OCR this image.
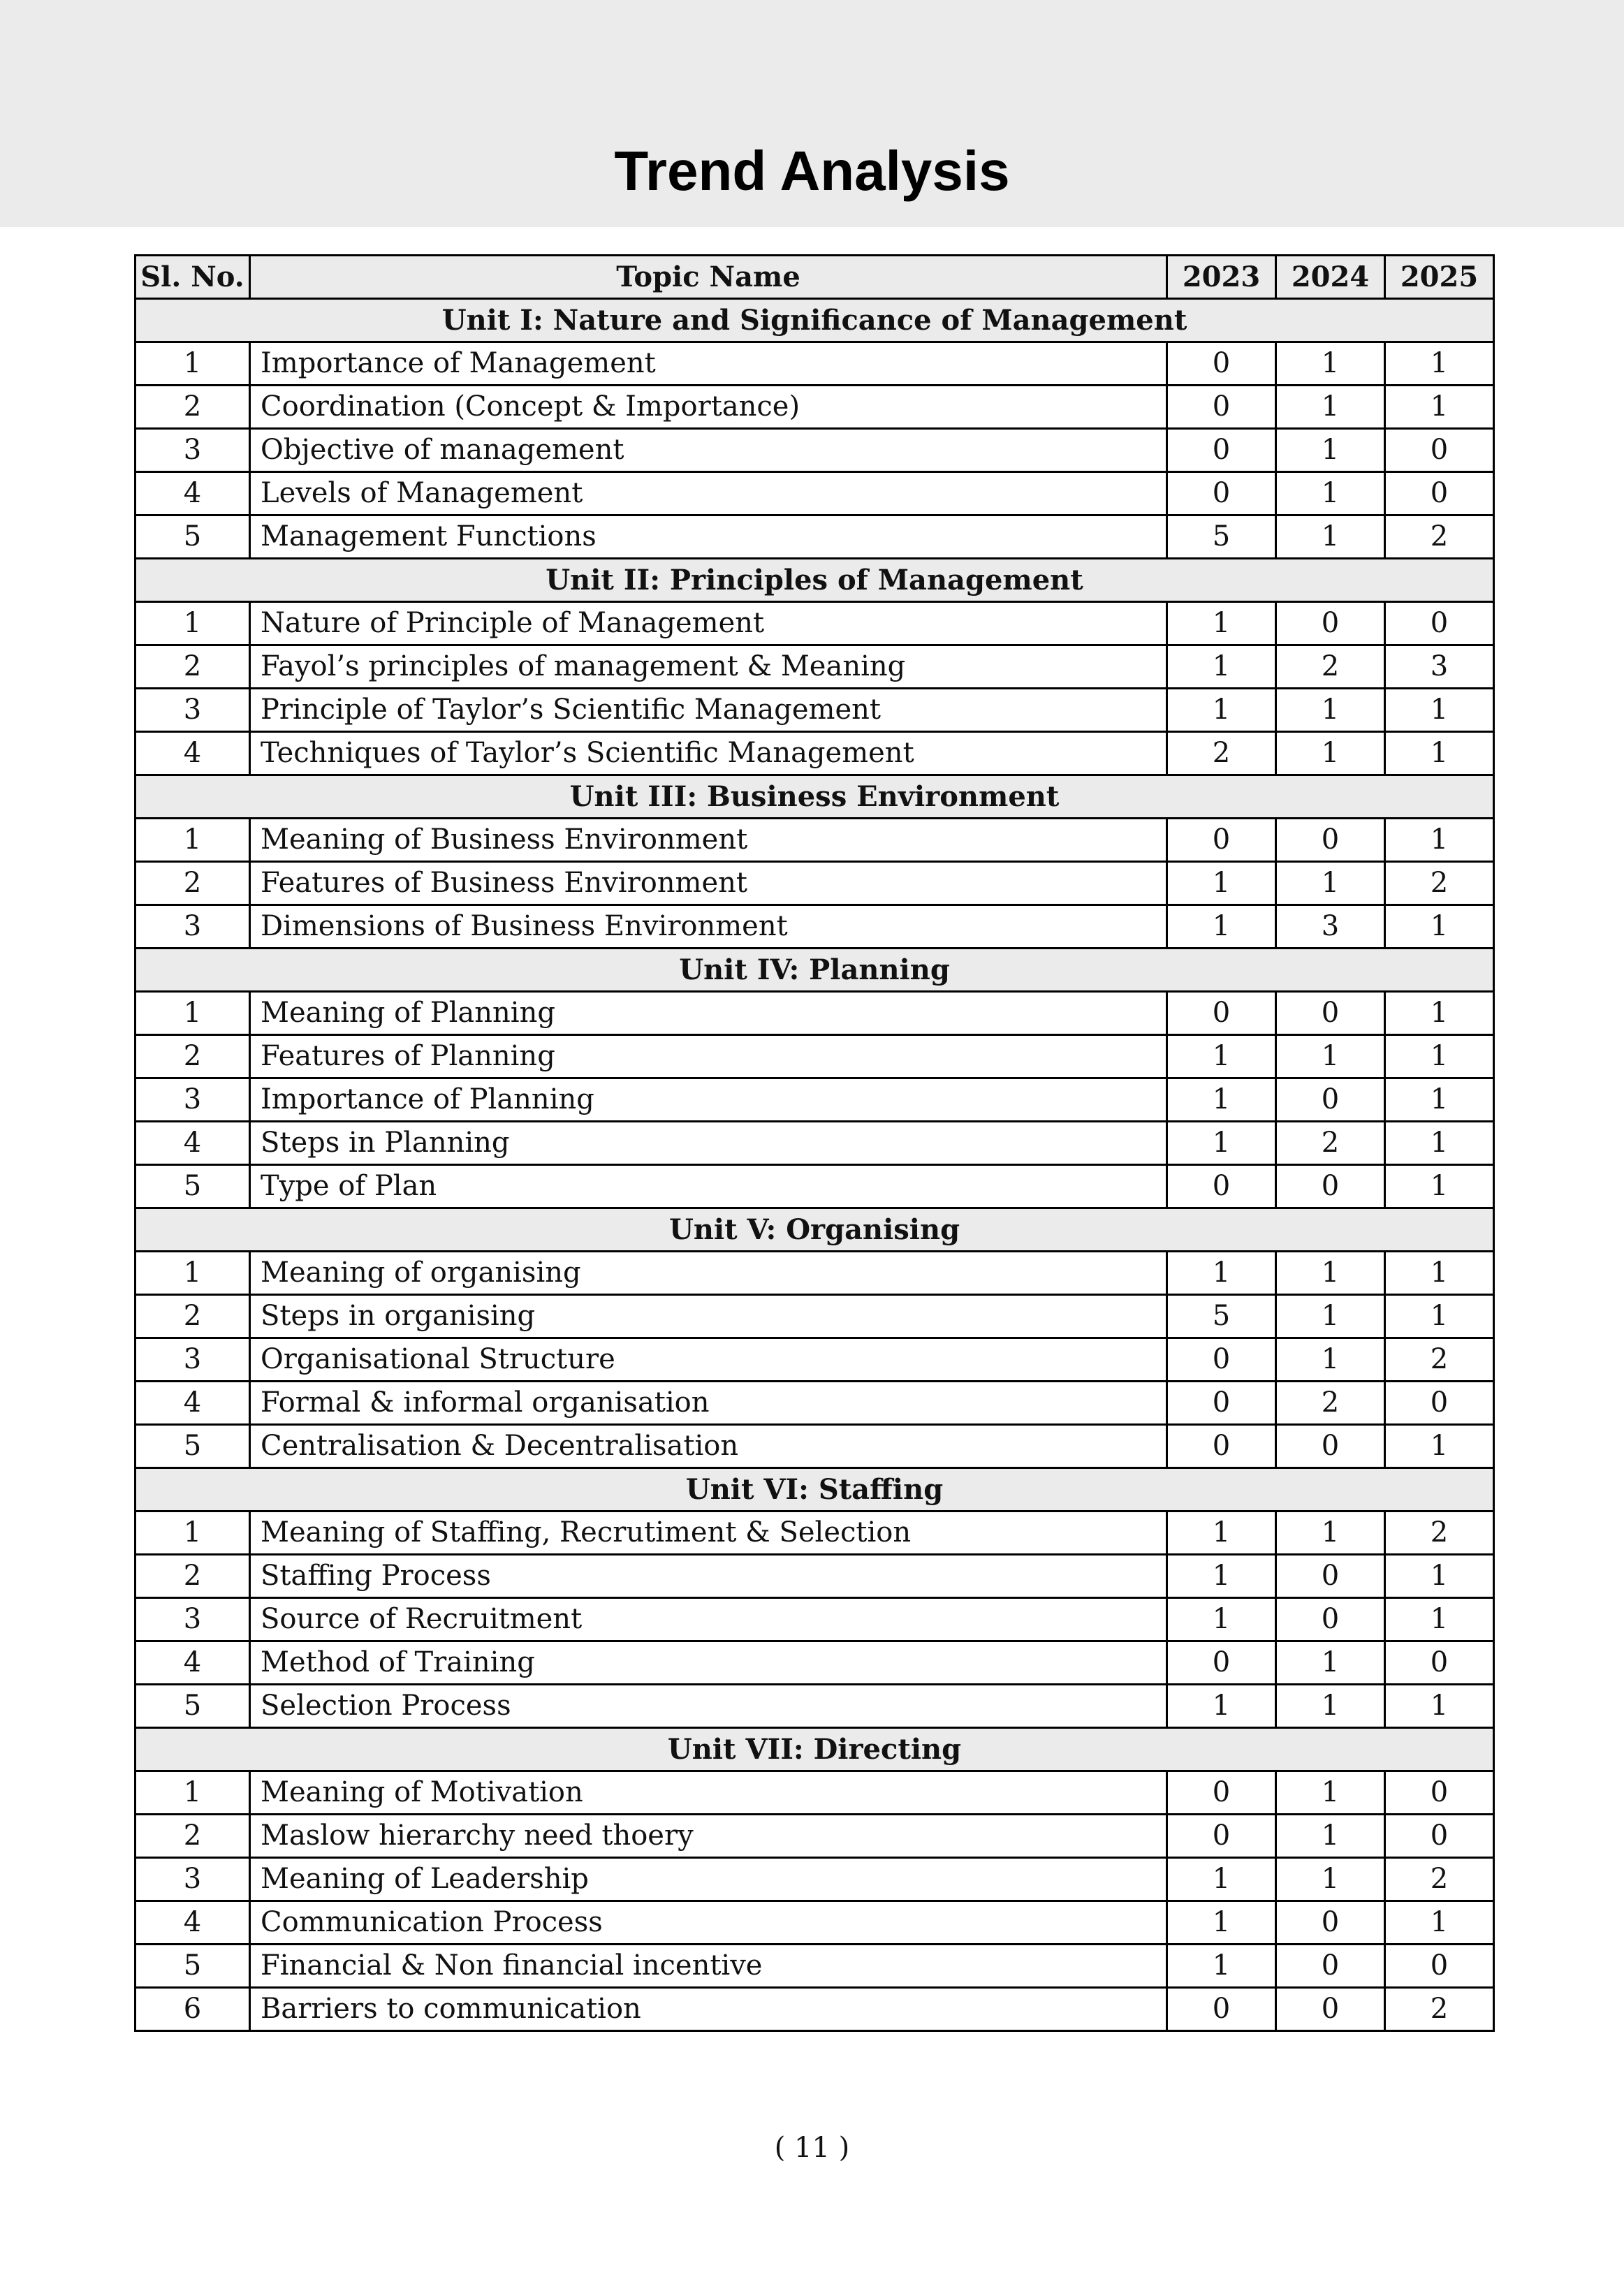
Trend Analysis
Sl. No.	Topic Name	2023	2024	2025
Unit I: Nature and Significance of Management				
1	Importance of Management	0	1	1
2	Coordination (Concept & Importance)	0	1	1
3	Objective of management	0	1	0
4	Levels of Management	0	1	0
5	Management Functions	5	1	2
Unit II: Principles of Management				
1	Nature of Principle of Management	1	0	0
2	Fayol’s principles of management & Meaning	1	2	3
3	Principle of Taylor’s Scientific Management	1	1	1
4	Techniques of Taylor’s Scientific Management	2	1	1
Unit III: Business Environment				
1	Meaning of Business Environment	0	0	1
2	Features of Business Environment	1	1	2
3	Dimensions of Business Environment	1	3	1
Unit IV: Planning				
1	Meaning of Planning	0	0	1
2	Features of Planning	1	1	1
3	Importance of Planning	1	0	1
4	Steps in Planning	1	2	1
5	Type of Plan	0	0	1
Unit V: Organising				
1	Meaning of organising	1	1	1
2	Steps in organising	5	1	1
3	Organisational Structure	0	1	2
4	Formal & informal organisation	0	2	0
5	Centralisation & Decentralisation	0	0	1
Unit VI: Staffing				
1	Meaning of Staffing, Recrutiment & Selection	1	1	2
2	Staffing Process	1	0	1
3	Source of Recruitment	1	0	1
4	Method of Training	0	1	0
5	Selection Process	1	1	1
Unit VII: Directing				
1	Meaning of Motivation	0	1	0
2	Maslow hierarchy need thoery	0	1	0
3	Meaning of Leadership	1	1	2
4	Communication Process	1	0	1
5	Financial & Non financial incentive	1	0	0
6	Barriers to communication	0	0	2
( 11 )
